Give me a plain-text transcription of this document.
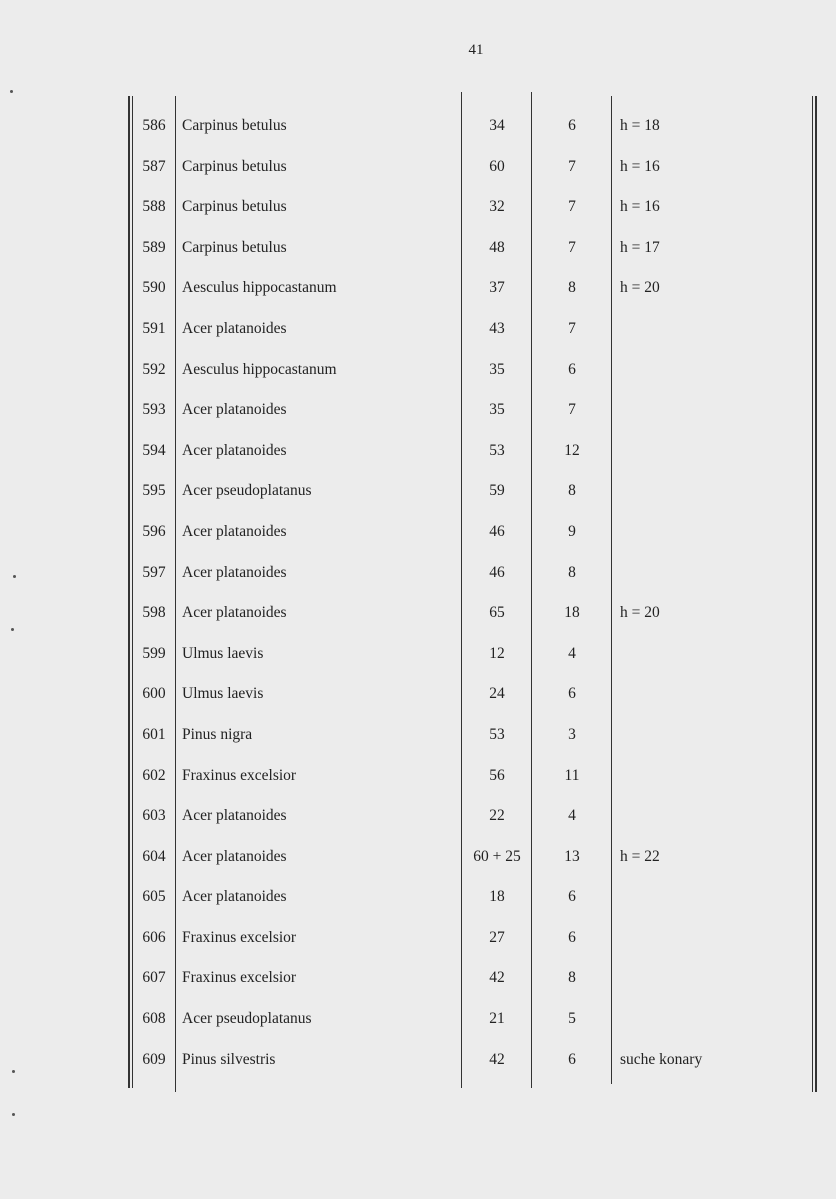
41
586	Carpinus betulus	34	6	h = 18
587	Carpinus betulus	60	7	h = 16
588	Carpinus betulus	32	7	h = 16
589	Carpinus betulus	48	7	h = 17
590	Aesculus hippocastanum	37	8	h = 20
591	Acer platanoides	43	7
592	Aesculus hippocastanum	35	6
593	Acer platanoides	35	7
594	Acer platanoides	53	12
595	Acer pseudoplatanus	59	8
596	Acer platanoides	46	9
597	Acer platanoides	46	8
598	Acer platanoides	65	18	h = 20
599	Ulmus laevis	12	4
600	Ulmus laevis	24	6
601	Pinus nigra	53	3
602	Fraxinus excelsior	56	11
603	Acer platanoides	22	4
604	Acer platanoides	60 + 25	13	h = 22
605	Acer platanoides	18	6
606	Fraxinus excelsior	27	6
607	Fraxinus excelsior	42	8
608	Acer pseudoplatanus	21	5
609	Pinus silvestris	42	6	suche konary
